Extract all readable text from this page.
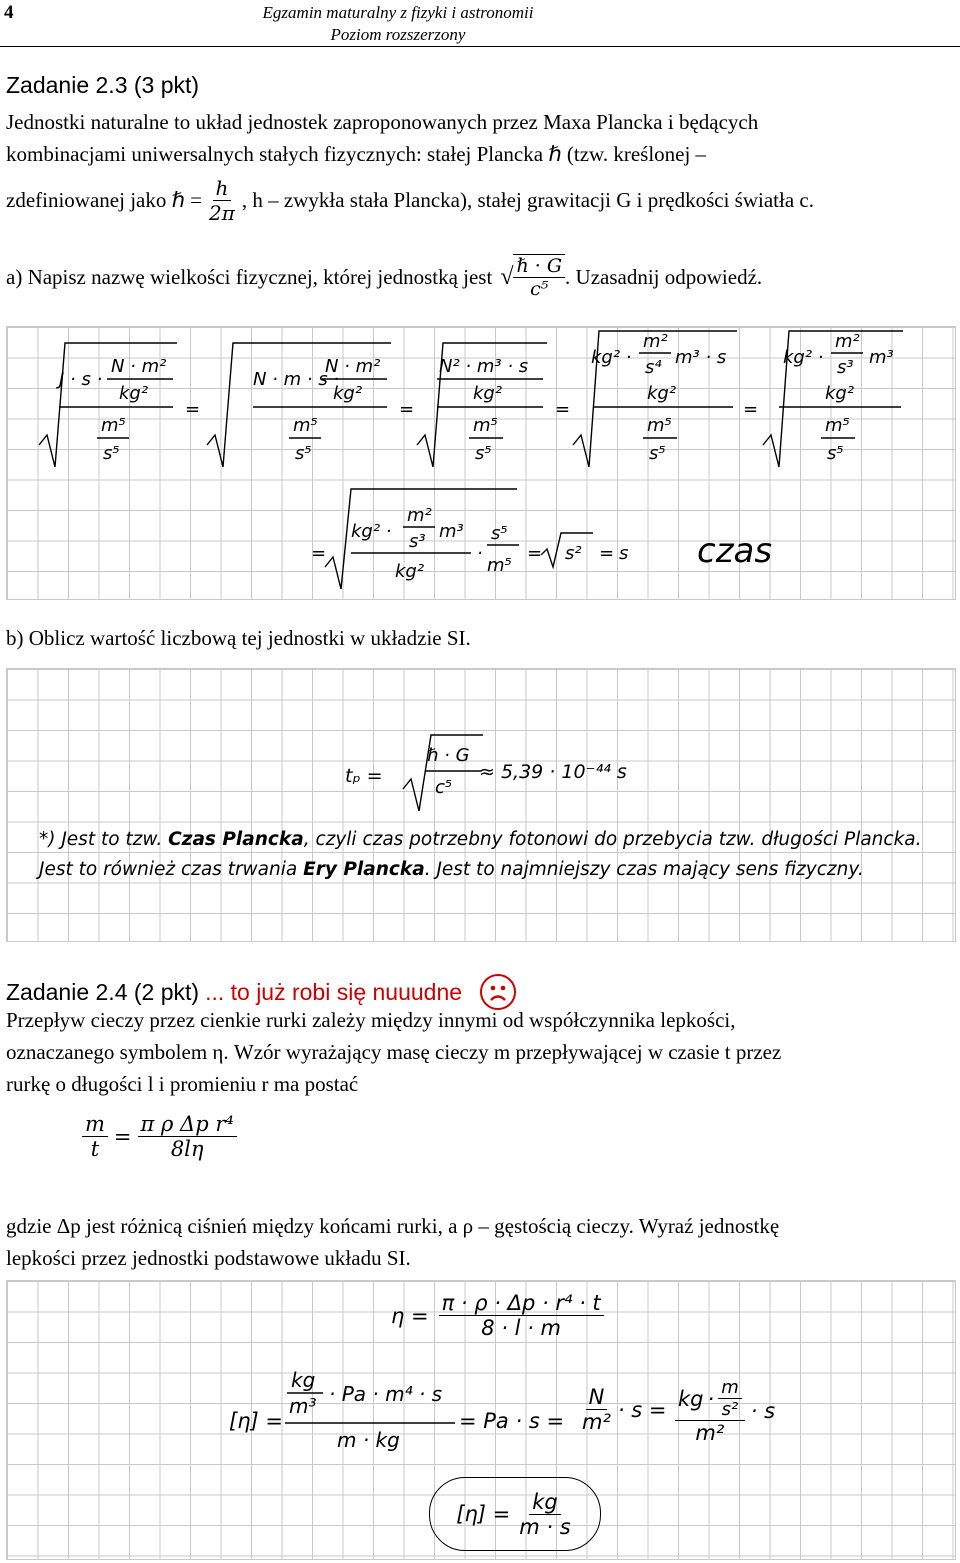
4	Egzamin maturalny z fizyki i astronomii
Poziom rozszerzony
Zadanie 2.3 (3 pkt)
Jednostki naturalne to układ jednostek zaproponowanych przez Maxa Plancka i będących
kombinacjami uniwersalnych stałych fizycznych: stałej Plancka ℏ (tzw. kreślonej –
zdefiniowanej jako ℏ = $\frac{h}{2\pi}$ , h – zwykła stała Plancka), stałej grawitacji G i prędkości światła c.
a) Napisz nazwę wielkości fizycznej, której jednostką jest √ $\frac{\text{ℏ · G}}{\text{c⁵}}$ . Uzasadnij odpowiedź.
J · s ·
N · m²
kg²
m⁵
s⁵
=
N · m · s ·
N · m²
kg²
m⁵
s⁵
=
N² · m³ · s
kg²
m⁵
s⁵
=
kg² ·
m²
s⁴ m³ · s
kg²
m⁵
s⁵
=
kg² ·
m²
s³ m³
kg²
m⁵
s⁵
=
kg² ·
m²
s³ m³
kg²
·
s⁵
m⁵
= s² = s czas
b) Oblicz wartość liczbową tej jednostki w układzie SI.
tₚ =
ℏ · G
c⁵
≈ 5,39 · 10⁻⁴⁴ s
*) Jest to tzw. Czas Plancka, czyli czas potrzebny fotonowi do przebycia tzw. długości Plancka. Jest to również czas trwania Ery Plancka. Jest to najmniejszy czas mający sens fizyczny.
Zadanie 2.4 (2 pkt) ... to już robi się nuuudne
Przepływ cieczy przez cienkie rurki zależy między innymi od współczynnika lepkości,
oznaczanego symbolem η. Wzór wyrażający masę cieczy m przepływającej w czasie t przez
rurkę o długości l i promieniu r ma postać
$\frac{m}{t} = \frac{\text{π ρ Δp r⁴}}{8l\eta}$
gdzie Δp jest różnicą ciśnień między końcami rurki, a ρ – gęstością cieczy. Wyraź jednostkę
lepkości przez jednostki podstawowe układu SI.
$\eta = \frac{\text{π · ρ · Δp · r⁴ · t}}{8 \cdot l \cdot m}$
kg
m³ · Pa · m⁴ · s
m · kg
[η] =	= $Pa \cdot s = \frac{N}{\text{m²}} \cdot s = \frac{kg \cdot \frac{m}{\text{s²}}}{\text{m²}} \cdot s$
$[\eta] = \frac{kg}{m \cdot s}$
